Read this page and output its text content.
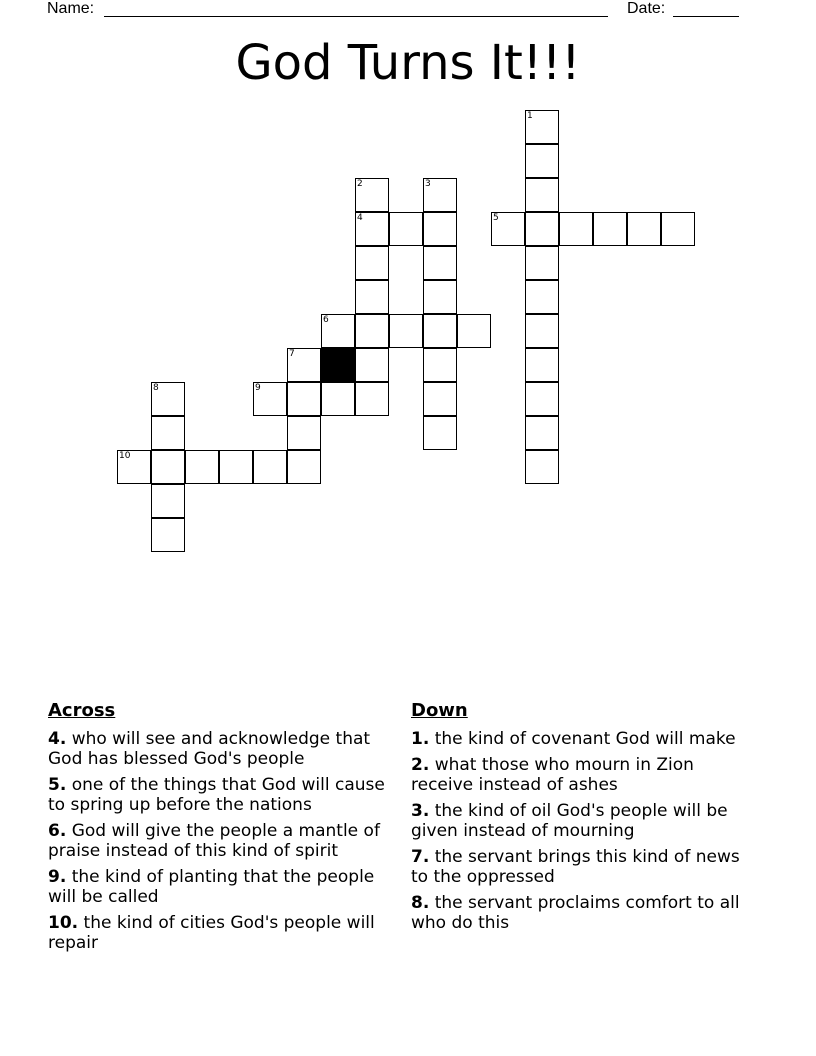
Name:	Date:
God Turns It!!!
1
2	3
4	5
6
7
8	9
10
Across
4. who will see and acknowledge that God has blessed God's people
5. one of the things that God will cause to spring up before the nations
6. God will give the people a mantle of praise instead of this kind of spirit
9. the kind of planting that the people will be called
10. the kind of cities God's people will repair
Down
1. the kind of covenant God will make
2. what those who mourn in Zion receive instead of ashes
3. the kind of oil God's people will be given instead of mourning
7. the servant brings this kind of news to the oppressed
8. the servant proclaims comfort to all who do this
